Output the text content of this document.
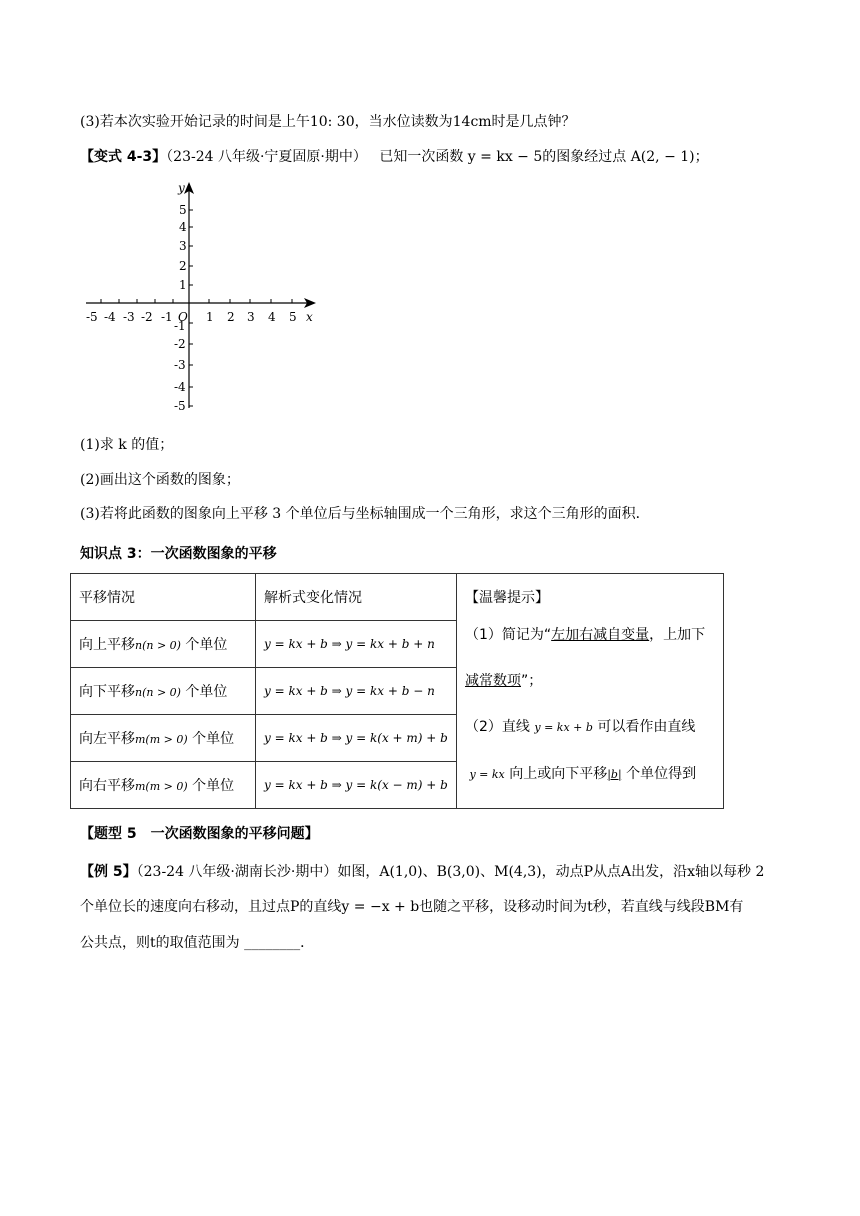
(3)若本次实验开始记录的时间是上午10: 30，当水位读数为14cm时是几点钟？
【变式 4-3】（23-24 八年级·宁夏固原·期中） 已知一次函数 y = kx − 5的图象经过点 A(2, − 1)；
-5 -4 -3 -2 -1	1 2 3 4 5 x
y
O
5
4
3
2
1
-1
-2
-3
-4
-5
(1)求 k 的值；
(2)画出这个函数的图象；
(3)若将此函数的图象向上平移 3 个单位后与坐标轴围成一个三角形，求这个三角形的面积．
知识点 3：一次函数图象的平移
平移情况	解析式变化情况	【温馨提示】
（1）简记为“左加右减自变量，上加下
减常数项”；
（2）直线 y = kx + b 可以看作由直线
y = kx 向上或向下平移|b| 个单位得到

向上平移n(n > 0) 个单位	y = kx + b ⇒ y = kx + b + n	
向下平移n(n > 0) 个单位	y = kx + b ⇒ y = kx + b − n	
向左平移m(m > 0) 个单位	y = kx + b ⇒ y = k(x + m) + b	
向右平移m(m > 0) 个单位	y = kx + b ⇒ y = k(x − m) + b	
【题型 5　一次函数图象的平移问题】
【例 5】（23-24 八年级·湖南长沙·期中）如图，A(1,0)、B(3,0)、M(4,3)，动点P从点A出发，沿x轴以每秒 2
个单位长的速度向右移动，且过点P的直线y = −x + b也随之平移，设移动时间为t秒，若直线与线段BM有
公共点，则t的取值范围为 ________．
